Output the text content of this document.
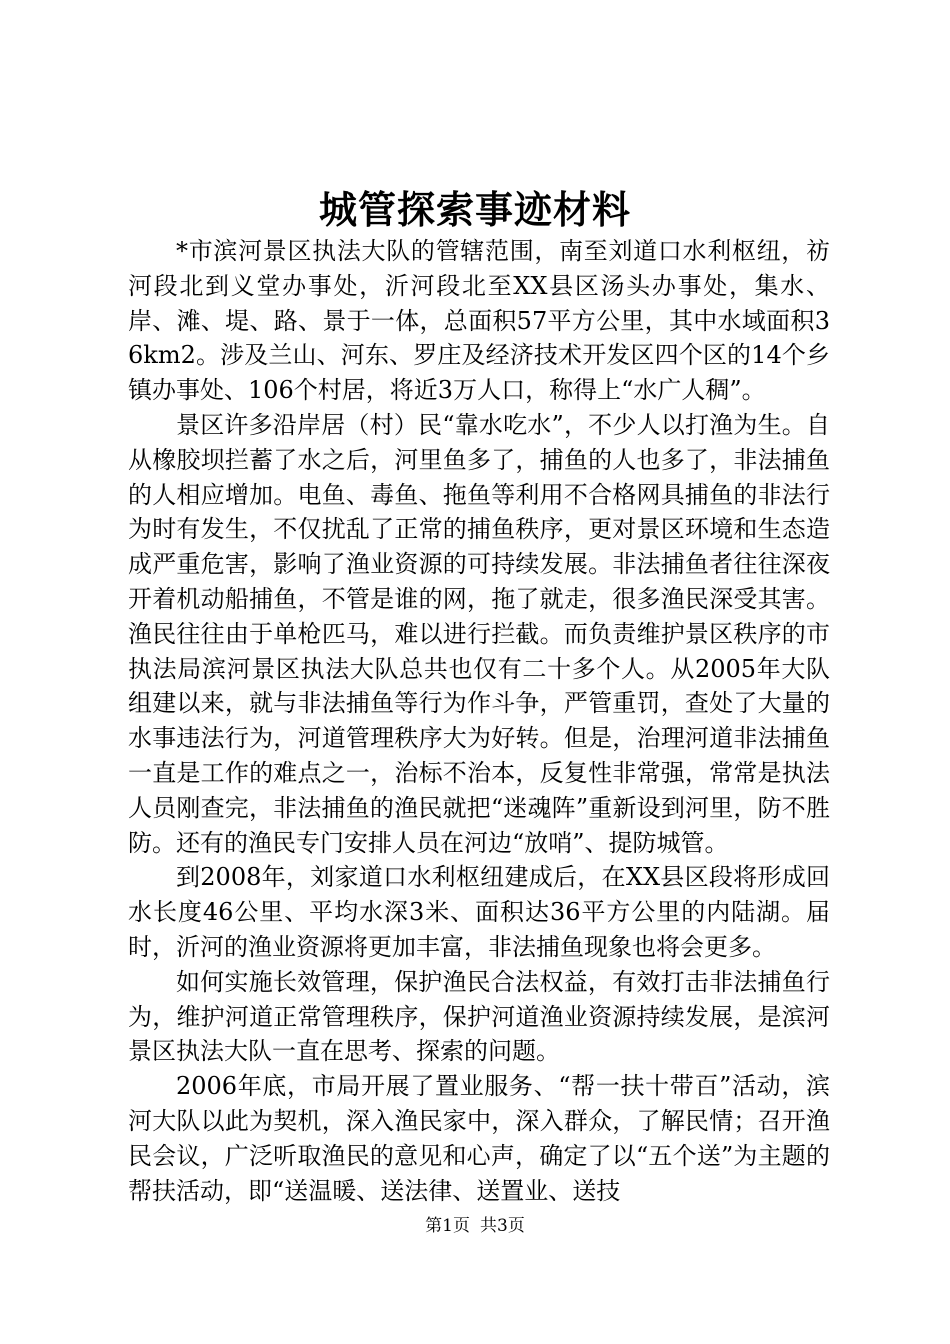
城管探索事迹材料

*市滨河景区执法大队的管辖范围，南至刘道口水利枢纽，祊河段北到义堂办事处，沂河段北至XX县区汤头办事处，集水、岸、滩、堤、路、景于一体，总面积57平方公里，其中水域面积36km2。涉及兰山、河东、罗庄及经济技术开发区四个区的14个乡镇办事处、106个村居，将近3万人口，称得上“水广人稠”。

景区许多沿岸居（村）民“靠水吃水”，不少人以打渔为生。自从橡胶坝拦蓄了水之后，河里鱼多了，捕鱼的人也多了，非法捕鱼的人相应增加。电鱼、毒鱼、拖鱼等利用不合格网具捕鱼的非法行为时有发生，不仅扰乱了正常的捕鱼秩序，更对景区环境和生态造成严重危害，影响了渔业资源的可持续发展。非法捕鱼者往往深夜开着机动船捕鱼，不管是谁的网，拖了就走，很多渔民深受其害。渔民往往由于单枪匹马，难以进行拦截。而负责维护景区秩序的市执法局滨河景区执法大队总共也仅有二十多个人。从2005年大队组建以来，就与非法捕鱼等行为作斗争，严管重罚，查处了大量的水事违法行为，河道管理秩序大为好转。但是，治理河道非法捕鱼一直是工作的难点之一，治标不治本，反复性非常强，常常是执法人员刚查完，非法捕鱼的渔民就把“迷魂阵”重新设到河里，防不胜防。还有的渔民专门安排人员在河边“放哨”、提防城管。

到2008年，刘家道口水利枢纽建成后，在XX县区段将形成回水长度46公里、平均水深3米、面积达36平方公里的内陆湖。届时，沂河的渔业资源将更加丰富，非法捕鱼现象也将会更多。

如何实施长效管理，保护渔民合法权益，有效打击非法捕鱼行为，维护河道正常管理秩序，保护河道渔业资源持续发展，是滨河景区执法大队一直在思考、探索的问题。

2006年底，市局开展了置业服务、“帮一扶十带百”活动，滨河大队以此为契机，深入渔民家中，深入群众，了解民情；召开渔民会议，广泛听取渔民的意见和心声，确定了以“五个送”为主题的帮扶活动，即“送温暖、送法律、送置业、送技

第1页 共3页
